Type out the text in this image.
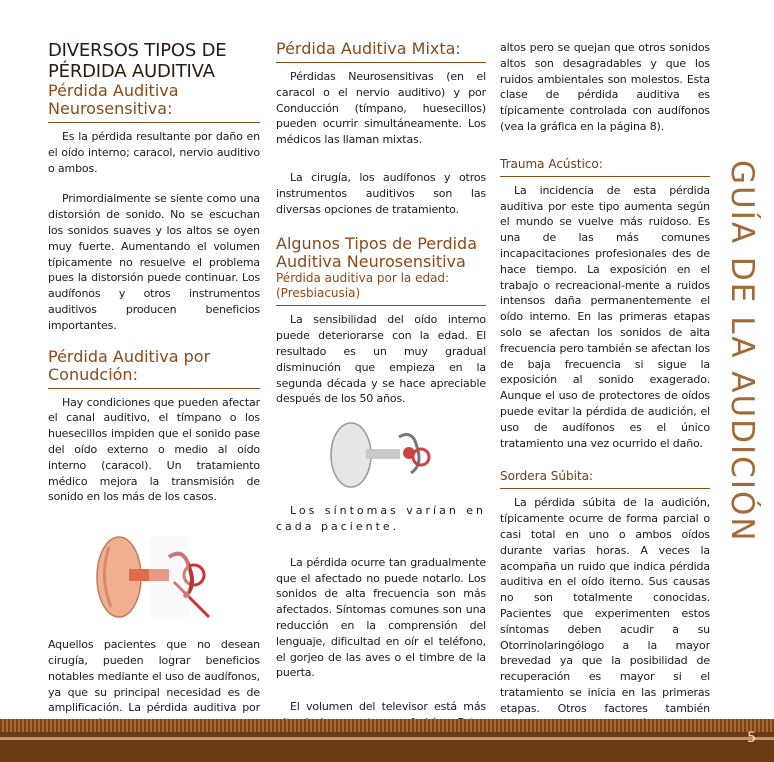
DIVERSOS TIPOS DE
PÉRDIDA AUDITIVA
Pérdida Auditiva Neurosensitiva:

Es la pérdida resultante por daño en el oído interno; caracol, nervio auditivo o ambos.

Primordialmente se siente como una distorsión de sonido. No se escuchan los sonidos suaves y los altos se oyen muy fuerte. Aumentando el volumen típicamente no resuelve el problema pues la distorsión puede continuar. Los audífonos y otros instrumentos auditivos producen beneficios importantes.

Pérdida Auditiva por Conudción:

Hay condiciones que pueden afectar el canal auditivo, el tímpano o los huesecillos impiden que el sonido pase del oído externo o medio al oído interno (caracol). Un tratamiento médico mejora la transmisión de sonido en los más de los casos.

Aquellos pacientes que no desean cirugía, pueden lograr beneficios notables mediante el uso de audífonos, ya que su principal necesidad es de amplificación. La pérdida auditiva por

Pérdida Auditiva Mixta:

Pérdidas Neurosensitivas (en el caracol o el nervio auditivo) y por Conducción (tímpano, huesecillos) pueden ocurrir simultáneamente. Los médicos las llaman mixtas.

La cirugía, los audífonos y otros instrumentos auditivos son las diversas opciones de tratamiento.

Algunos Tipos de Perdida Auditiva Neurosensitiva
Pérdida auditiva por la edad: (Presbiacusia)

La sensibilidad del oído interno puede deteriorarse con la edad. El resultado es un muy gradual disminución que empieza en la segunda década y se hace apreciable después de los 50 años.

Los síntomas varían en cada paciente.

La pérdida ocurre tan gradualmente que el afectado no puede notarlo. Los sonidos de alta frecuencia son más afectados. Síntomas comunes son una reducción en la comprensión del lenguaje, dificultad en oír el teléfono, el gorjeo de las aves o el timbre de la puerta.

El volumen del televisor está más

altos pero se quejan que otros sonidos altos son desagradables y que los ruidos ambientales son molestos. Esta clase de pérdida auditiva es típicamente controlada con audífonos (vea la gráfica en la página 8).

Trauma Acústico:

La incidencia de esta pérdida auditiva por este tipo aumenta según el mundo se vuelve más ruidoso. Es una de las más comunes incapacitaciones profesionales des de hace tiempo. La exposición en el trabajo o recreacional-mente a ruidos intensos daña permanentemente el oído interno. En las primeras etapas solo se afectan los sonidos de alta frecuencia pero también se afectan los de baja frecuencia si sigue la exposición al sonido exagerado. Aunque el uso de protectores de oídos puede evitar la pérdida de audición, el uso de audífonos es el único tratamiento una vez ocurrido el daño.

Sordera Súbita:

La pérdida súbita de la audición, típicamente ocurre de forma parcial o casi total en uno o ambos oídos durante varias horas. A veces la acompaña un ruido que indica pérdida auditiva en el oído iterno. Sus causas no son totalmente conocidas. Pacientes que experimenten estos síntomas deben acudir a su Otorrinolaringólogo a la mayor brevedad ya que la posibilidad de recuperación es mayor si el tratamiento se inicia en las primeras etapas. Otros factores también

GUÍA DE LA AUDICIÓN
5
